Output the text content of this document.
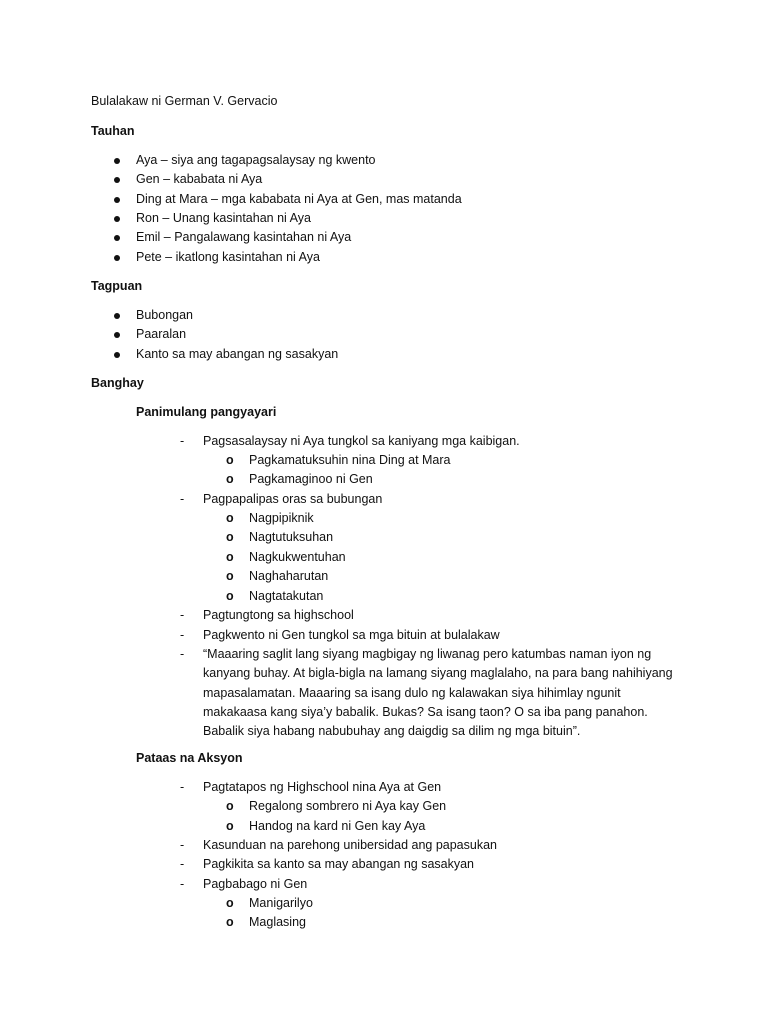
Bulalakaw ni German V. Gervacio
Tauhan
Aya – siya ang tagapagsalaysay ng kwento
Gen – kababata ni Aya
Ding at Mara – mga kababata ni Aya at Gen, mas matanda
Ron – Unang kasintahan ni Aya
Emil – Pangalawang kasintahan ni Aya
Pete – ikatlong kasintahan ni Aya
Tagpuan
Bubongan
Paaralan
Kanto sa may abangan ng sasakyan
Banghay
Panimulang pangyayari
- Pagsasalaysay ni Aya tungkol sa kaniyang mga kaibigan.
o Pagkamatuksuhin nina Ding at Mara
o Pagkamaginoo ni Gen
- Pagpapalipas oras sa bubungan
o Nagpipiknik
o Nagtutuksuhan
o Nagkukwentuhan
o Naghaharutan
o Nagtatakutan
- Pagtungtong sa highschool
- Pagkwento ni Gen tungkol sa mga bituin at bulalakaw
- “Maaaring saglit lang siyang magbigay ng liwanag pero katumbas naman iyon ng
kanyang buhay. At bigla-bigla na lamang siyang maglalaho, na para bang nahihiyang
mapasalamatan. Maaaring sa isang dulo ng kalawakan siya hihimlay ngunit
makakaasa kang siya’y babalik. Bukas? Sa isang taon? O sa iba pang panahon.
Babalik siya habang nabubuhay ang daigdig sa dilim ng mga bituin”.
Pataas na Aksyon
- Pagtatapos ng Highschool nina Aya at Gen
o Regalong sombrero ni Aya kay Gen
o Handog na kard ni Gen kay Aya
- Kasunduan na parehong unibersidad ang papasukan
- Pagkikita sa kanto sa may abangan ng sasakyan
- Pagbabago ni Gen
o Manigarilyo
o Maglasing
